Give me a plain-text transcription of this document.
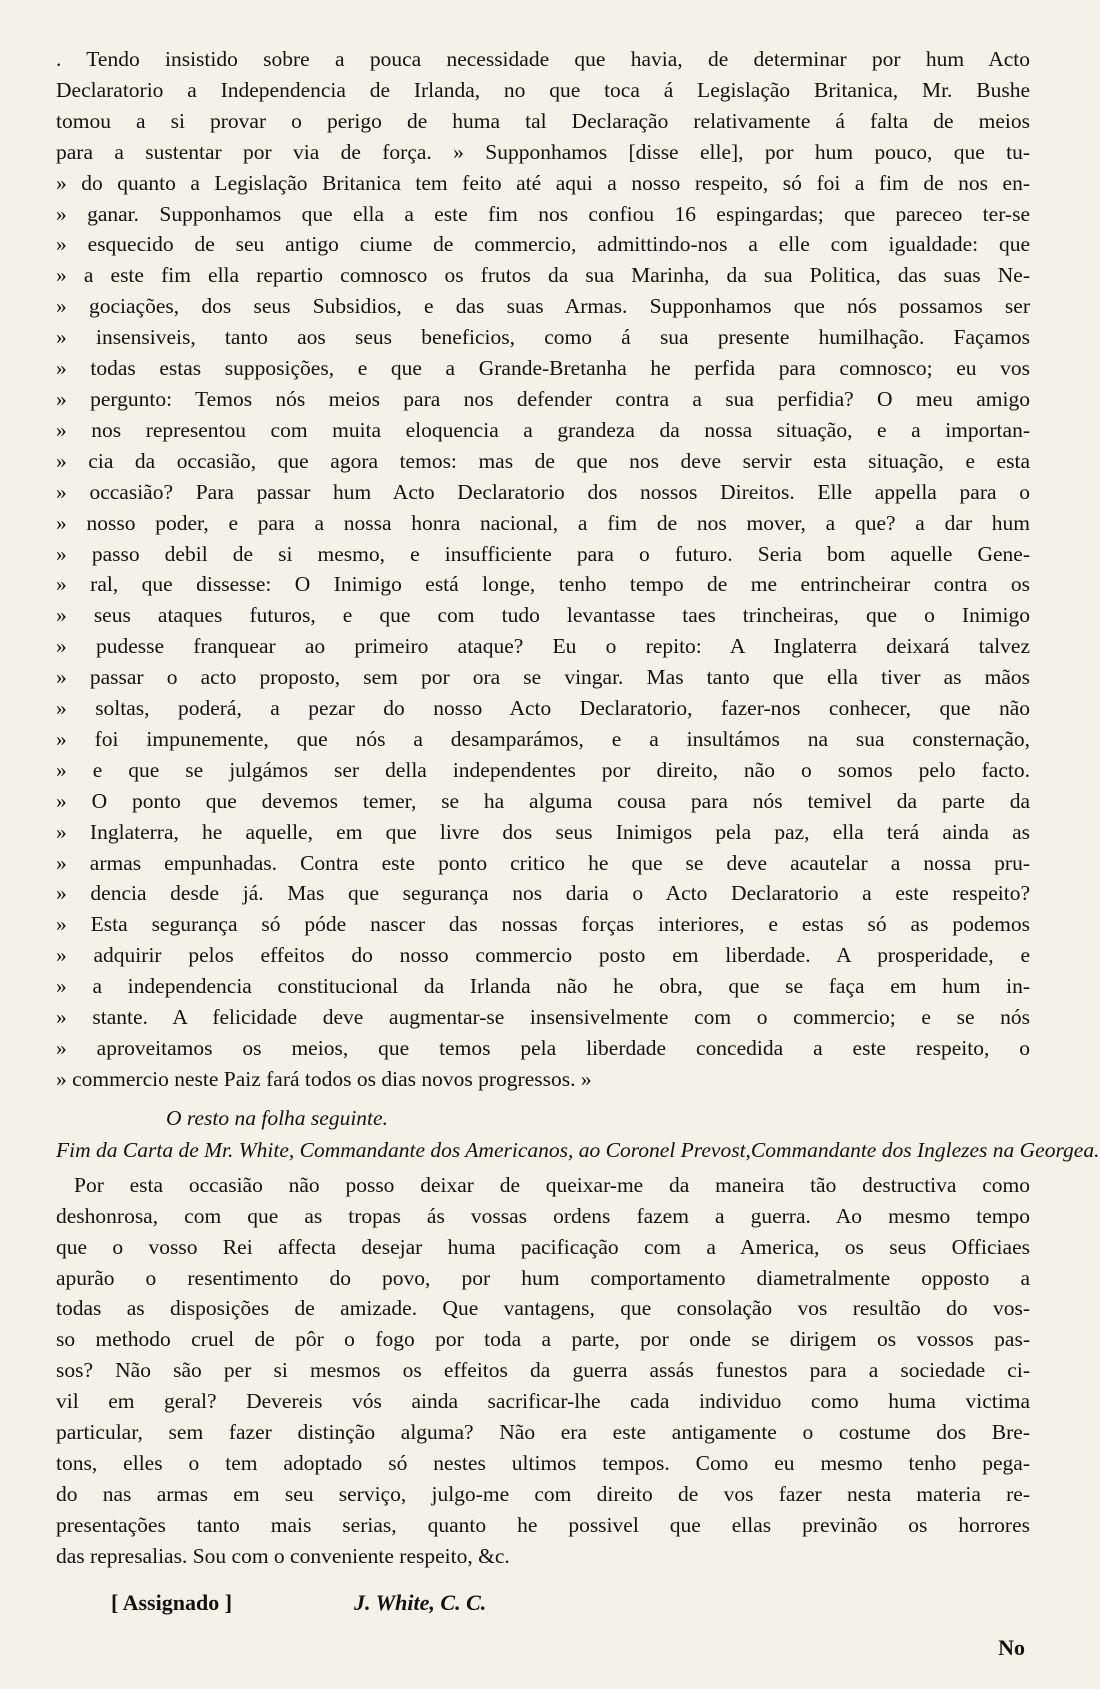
. Tendo insistido sobre a pouca necessidade que havia, de determinar por hum Acto
Declaratorio a Independencia de Irlanda, no que toca á Legislação Britanica, Mr. Bushe
tomou a si provar o perigo de huma tal Declaração relativamente á falta de meios
para a sustentar por via de força. » Supponhamos [disse elle], por hum pouco, que tu-
» do quanto a Legislação Britanica tem feito até aqui a nosso respeito, só foi a fim de nos en-
» ganar. Supponhamos que ella a este fim nos confiou 16 espingardas; que pareceo ter-se
» esquecido de seu antigo ciume de commercio, admittindo-nos a elle com igualdade: que
» a este fim ella repartio comnosco os frutos da sua Marinha, da sua Politica, das suas Ne-
» gociações, dos seus Subsidios, e das suas Armas. Supponhamos que nós possamos ser
» insensiveis, tanto aos seus beneficios, como á sua presente humilhação. Façamos
» todas estas supposições, e que a Grande-Bretanha he perfida para comnosco; eu vos
» pergunto: Temos nós meios para nos defender contra a sua perfidia? O meu amigo
» nos representou com muita eloquencia a grandeza da nossa situação, e a importan-
» cia da occasião, que agora temos: mas de que nos deve servir esta situação, e esta
» occasião? Para passar hum Acto Declaratorio dos nossos Direitos. Elle appella para o
» nosso poder, e para a nossa honra nacional, a fim de nos mover, a que? a dar hum
» passo debil de si mesmo, e insufficiente para o futuro. Seria bom aquelle Gene-
» ral, que dissesse: O Inimigo está longe, tenho tempo de me entrincheirar contra os
» seus ataques futuros, e que com tudo levantasse taes trincheiras, que o Inimigo
» pudesse franquear ao primeiro ataque? Eu o repito: A Inglaterra deixará talvez
» passar o acto proposto, sem por ora se vingar. Mas tanto que ella tiver as mãos
» soltas, poderá, a pezar do nosso Acto Declaratorio, fazer-nos conhecer, que não
» foi impunemente, que nós a desamparámos, e a insultámos na sua consternação,
» e que se julgámos ser della independentes por direito, não o somos pelo facto.
» O ponto que devemos temer, se ha alguma cousa para nós temivel da parte da
» Inglaterra, he aquelle, em que livre dos seus Inimigos pela paz, ella terá ainda as
» armas empunhadas. Contra este ponto critico he que se deve acautelar a nossa pru-
» dencia desde já. Mas que segurança nos daria o Acto Declaratorio a este respeito?
» Esta segurança só póde nascer das nossas forças interiores, e estas só as podemos
» adquirir pelos effeitos do nosso commercio posto em liberdade. A prosperidade, e
» a independencia constitucional da Irlanda não he obra, que se faça em hum in-
» stante. A felicidade deve augmentar-se insensivelmente com o commercio; e se nós
» aproveitamos os meios, que temos pela liberdade concedida a este respeito, o
» commercio neste Paiz fará todos os dias novos progressos. »
O resto na folha seguinte.
Fim da Carta de Mr. White, Commandante dos Americanos, ao Coronel Prevost,Commandante dos Inglezes na Georgea.
Por esta occasião não posso deixar de queixar-me da maneira tão destructiva como
deshonrosa, com que as tropas ás vossas ordens fazem a guerra. Ao mesmo tempo
que o vosso Rei affecta desejar huma pacificação com a America, os seus Officiaes
apurão o resentimento do povo, por hum comportamento diametralmente opposto a
todas as disposições de amizade. Que vantagens, que consolação vos resultão do vos-
so methodo cruel de pôr o fogo por toda a parte, por onde se dirigem os vossos pas-
sos? Não são per si mesmos os effeitos da guerra assás funestos para a sociedade ci-
vil em geral? Devereis vós ainda sacrificar-lhe cada individuo como huma victima
particular, sem fazer distinção alguma? Não era este antigamente o costume dos Bre-
tons, elles o tem adoptado só nestes ultimos tempos. Como eu mesmo tenho pega-
do nas armas em seu serviço, julgo-me com direito de vos fazer nesta materia re-
presentações tanto mais serias, quanto he possivel que ellas previnão os horrores
das represalias. Sou com o conveniente respeito, &c.
[ Assignado ]	J. White, C. C.
No
